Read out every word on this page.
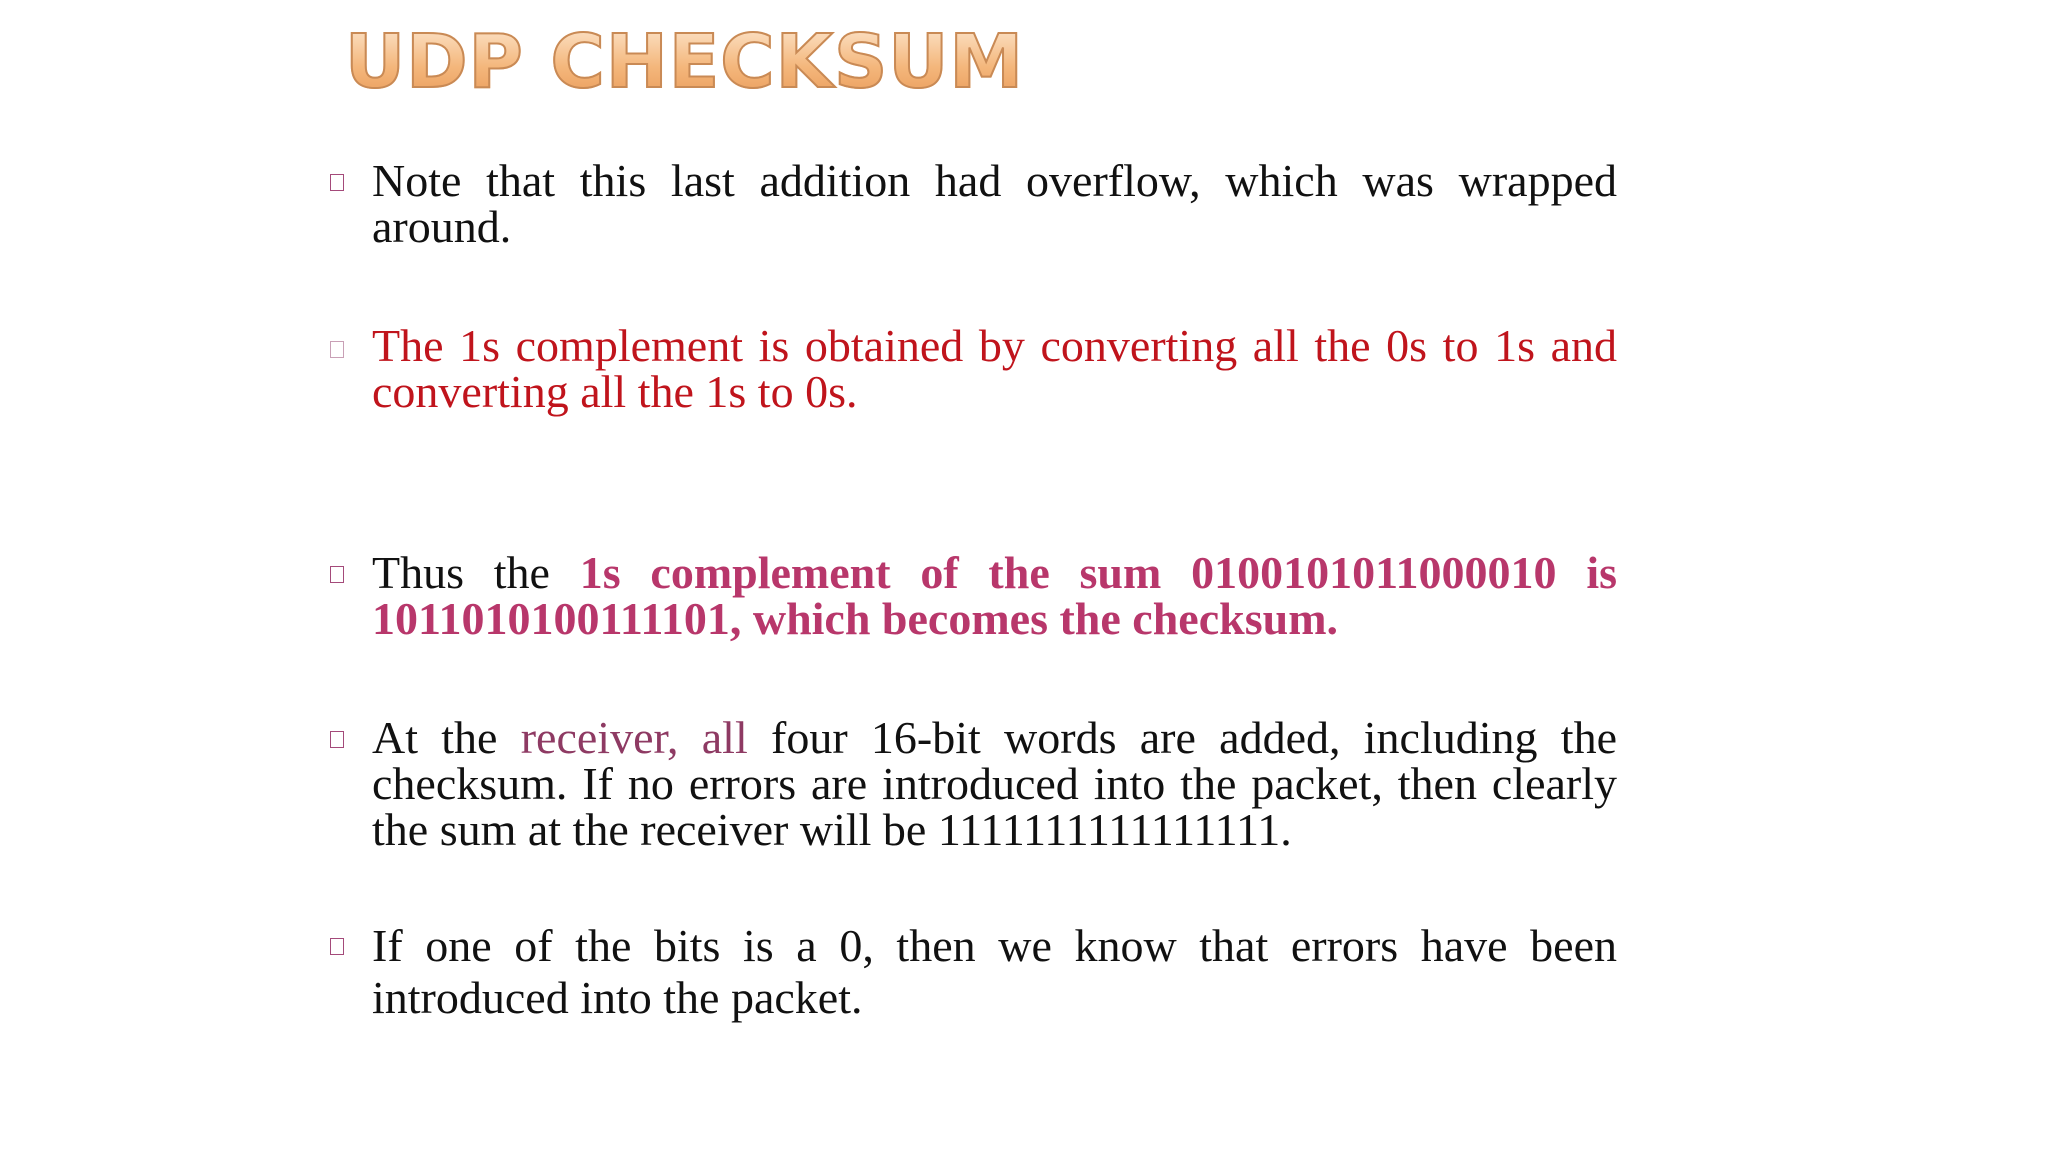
UDP CHECKSUM
Note that this last addition had overflow, which was wrapped around.
The 1s complement is obtained by converting all the 0s to 1s and converting all the 1s to 0s.
Thus the 1s complement of the sum 0100101011000010 is 1011010100111101, which becomes the checksum.
At the receiver, all four 16-bit words are added, including the checksum. If no errors are introduced into the packet, then clearly the sum at the receiver will be 1111111111111111.
If one of the bits is a 0, then we know that errors have been introduced into the packet.
